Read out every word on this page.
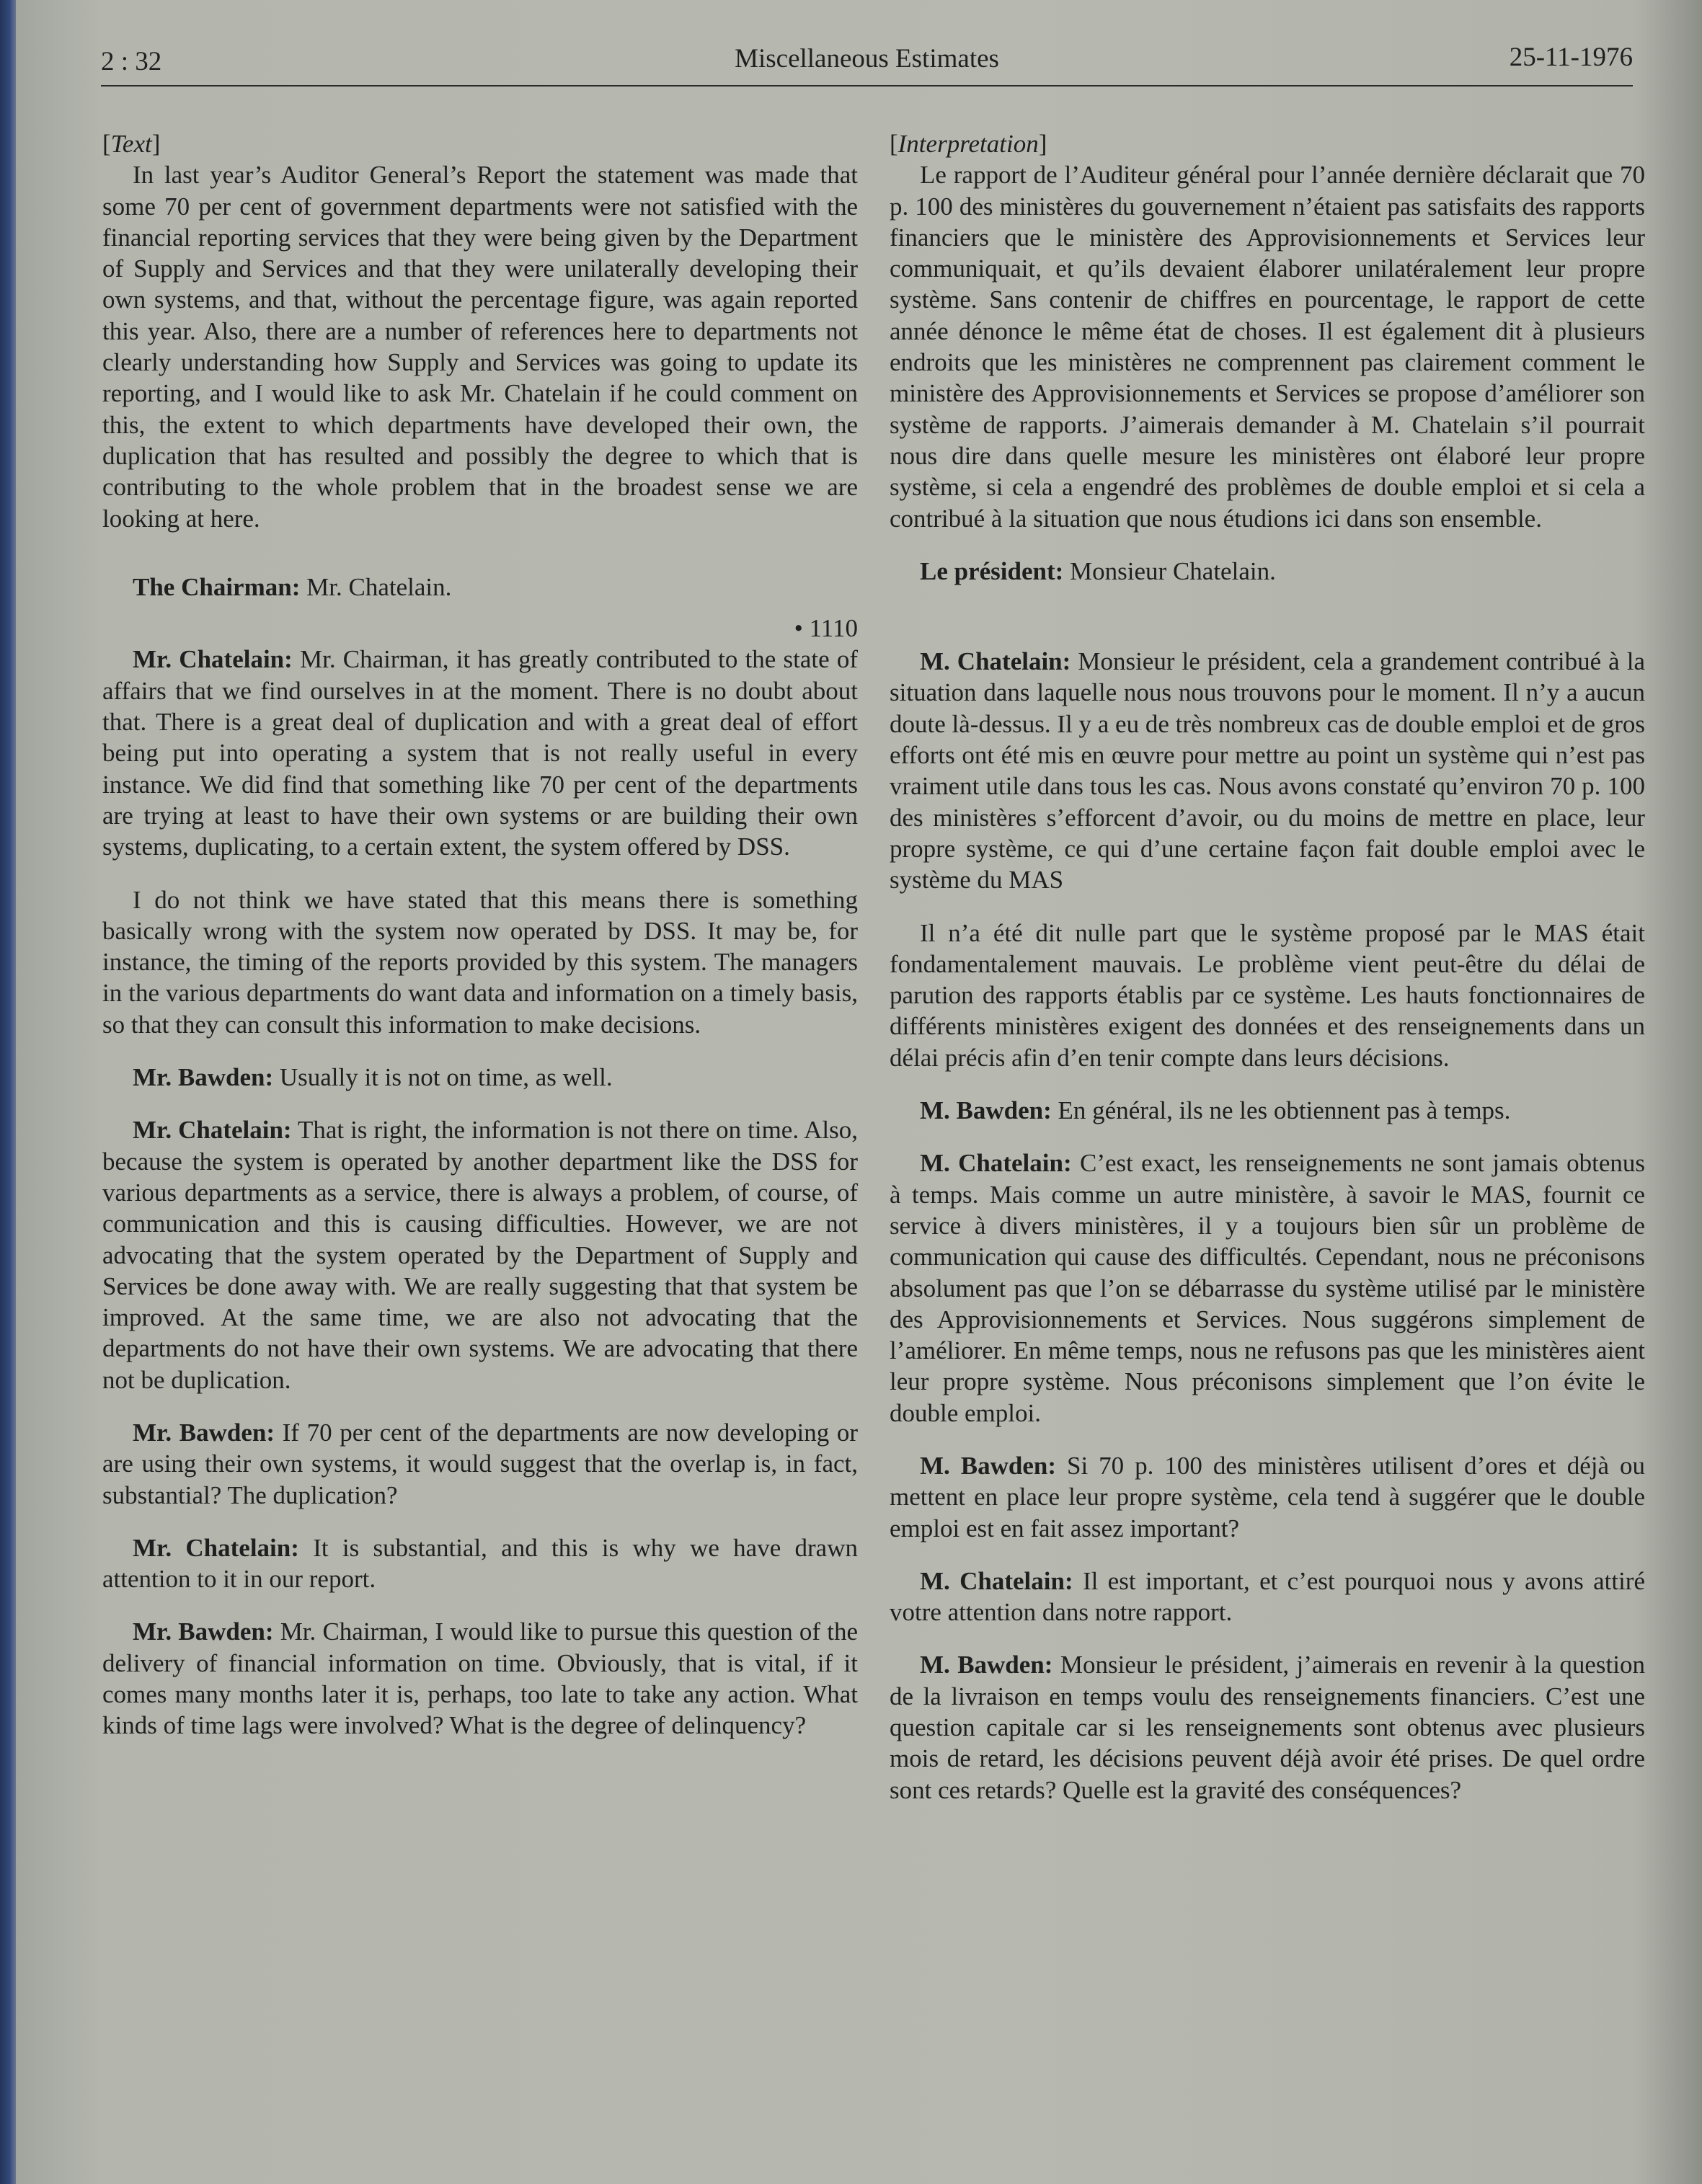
2 : 32	Miscellaneous Estimates	25-11-1976

[Text]

In last year’s Auditor General’s Report the statement was made that some 70 per cent of government departments were not satisfied with the financial reporting services that they were being given by the Department of Supply and Services and that they were unilaterally developing their own systems, and that, without the percentage figure, was again reported this year. Also, there are a number of references here to departments not clearly understanding how Supply and Services was going to update its reporting, and I would like to ask Mr. Chatelain if he could comment on this, the extent to which departments have developed their own, the duplication that has resulted and possibly the degree to which that is contributing to the whole problem that in the broadest sense we are looking at here.

The Chairman: Mr. Chatelain.

• 1110

Mr. Chatelain: Mr. Chairman, it has greatly contributed to the state of affairs that we find ourselves in at the moment. There is no doubt about that. There is a great deal of duplication and with a great deal of effort being put into operating a system that is not really useful in every instance. We did find that something like 70 per cent of the departments are trying at least to have their own systems or are building their own systems, duplicating, to a certain extent, the system offered by DSS.

I do not think we have stated that this means there is something basically wrong with the system now operated by DSS. It may be, for instance, the timing of the reports provided by this system. The managers in the various departments do want data and information on a timely basis, so that they can consult this information to make decisions.

Mr. Bawden: Usually it is not on time, as well.

Mr. Chatelain: That is right, the information is not there on time. Also, because the system is operated by another department like the DSS for various departments as a service, there is always a problem, of course, of communication and this is causing difficulties. However, we are not advocating that the system operated by the Department of Supply and Services be done away with. We are really suggesting that that system be improved. At the same time, we are also not advocating that the departments do not have their own systems. We are advocating that there not be duplication.

Mr. Bawden: If 70 per cent of the departments are now developing or are using their own systems, it would suggest that the overlap is, in fact, substantial? The duplication?

Mr. Chatelain: It is substantial, and this is why we have drawn attention to it in our report.

Mr. Bawden: Mr. Chairman, I would like to pursue this question of the delivery of financial information on time. Obviously, that is vital, if it comes many months later it is, perhaps, too late to take any action. What kinds of time lags were involved? What is the degree of delinquency?

[Interpretation]

Le rapport de l’Auditeur général pour l’année dernière déclarait que 70 p. 100 des ministères du gouvernement n’étaient pas satisfaits des rapports financiers que le ministère des Approvisionnements et Services leur communiquait, et qu’ils devaient élaborer unilatéralement leur propre système. Sans contenir de chiffres en pourcentage, le rapport de cette année dénonce le même état de choses. Il est également dit à plusieurs endroits que les ministères ne comprennent pas clairement comment le ministère des Approvisionnements et Services se propose d’améliorer son système de rapports. J’aimerais demander à M. Chatelain s’il pourrait nous dire dans quelle mesure les ministères ont élaboré leur propre système, si cela a engendré des problèmes de double emploi et si cela a contribué à la situation que nous étudions ici dans son ensemble.

Le président: Monsieur Chatelain.

M. Chatelain: Monsieur le président, cela a grandement contribué à la situation dans laquelle nous nous trouvons pour le moment. Il n’y a aucun doute là-dessus. Il y a eu de très nombreux cas de double emploi et de gros efforts ont été mis en œuvre pour mettre au point un système qui n’est pas vraiment utile dans tous les cas. Nous avons constaté qu’environ 70 p. 100 des ministères s’efforcent d’avoir, ou du moins de mettre en place, leur propre système, ce qui d’une certaine façon fait double emploi avec le système du MAS

Il n’a été dit nulle part que le système proposé par le MAS était fondamentalement mauvais. Le problème vient peut-être du délai de parution des rapports établis par ce système. Les hauts fonctionnaires de différents ministères exigent des données et des renseignements dans un délai précis afin d’en tenir compte dans leurs décisions.

M. Bawden: En général, ils ne les obtiennent pas à temps.

M. Chatelain: C’est exact, les renseignements ne sont jamais obtenus à temps. Mais comme un autre ministère, à savoir le MAS, fournit ce service à divers ministères, il y a toujours bien sûr un problème de communication qui cause des difficultés. Cependant, nous ne préconisons absolument pas que l’on se débarrasse du système utilisé par le ministère des Approvisionnements et Services. Nous suggérons simplement de l’améliorer. En même temps, nous ne refusons pas que les ministères aient leur propre système. Nous préconisons simplement que l’on évite le double emploi.

M. Bawden: Si 70 p. 100 des ministères utilisent d’ores et déjà ou mettent en place leur propre système, cela tend à suggérer que le double emploi est en fait assez important?

M. Chatelain: Il est important, et c’est pourquoi nous y avons attiré votre attention dans notre rapport.

M. Bawden: Monsieur le président, j’aimerais en revenir à la question de la livraison en temps voulu des renseignements financiers. C’est une question capitale car si les renseignements sont obtenus avec plusieurs mois de retard, les décisions peuvent déjà avoir été prises. De quel ordre sont ces retards? Quelle est la gravité des conséquences?
